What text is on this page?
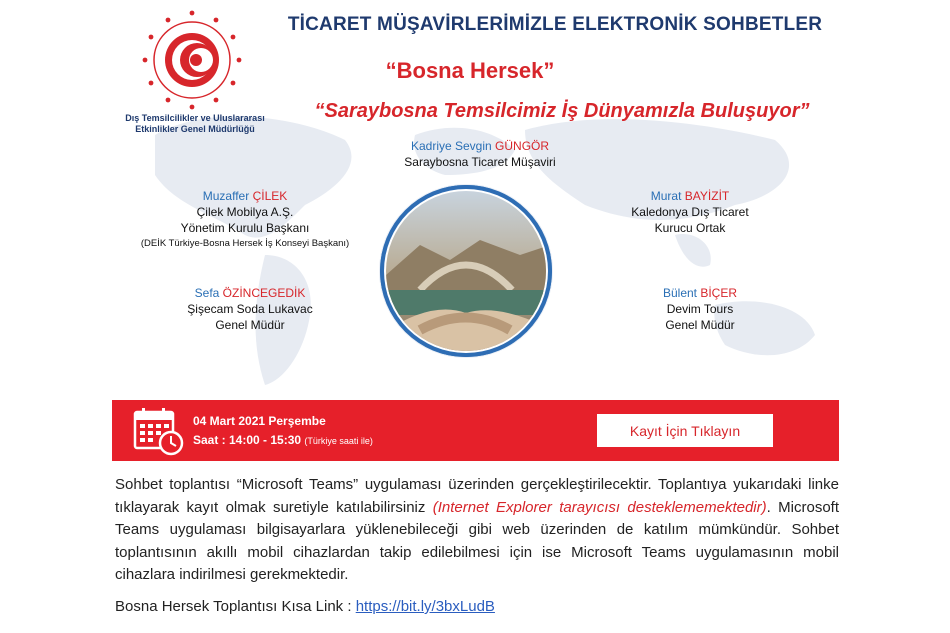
Dış Temsilcilikler ve Uluslararası
Etkinlikler Genel Müdürlüğü
TİCARET MÜŞAVİRLERİMİZLE ELEKTRONİK SOHBETLER
“Bosna Hersek”
“Saraybosna Temsilcimiz İş Dünyamızla Buluşuyor”
Kadriye Sevgin GÜNGÖR
Saraybosna Ticaret Müşaviri
Muzaffer ÇİLEK
Çilek Mobilya A.Ş.
Yönetim Kurulu Başkanı
(DEİK Türkiye-Bosna Hersek İş Konseyi Başkanı)
Sefa ÖZİNCEGEDİK
Şişecam Soda Lukavac
Genel Müdür
Murat BAYİZİT
Kaledonya Dış Ticaret
Kurucu Ortak
Bülent BİÇER
Devim Tours
Genel Müdür
04 Mart 2021 Perşembe
Saat : 14:00 - 15:30 (Türkiye saati ile)
Kayıt İçin Tıklayın
Sohbet toplantısı “Microsoft Teams” uygulaması üzerinden gerçekleştirilecektir. Toplantıya yukarıdaki linke tıklayarak kayıt olmak suretiyle katılabilirsiniz (Internet Explorer tarayıcısı desteklememektedir). Microsoft Teams uygulaması bilgisayarlara yüklenebileceği gibi web üzerinden de katılım mümkündür. Sohbet toplantısının akıllı mobil cihazlardan takip edilebilmesi için ise Microsoft Teams uygulamasının mobil cihazlara indirilmesi gerekmektedir.
Bosna Hersek Toplantısı Kısa Link : https://bit.ly/3bxLudB
